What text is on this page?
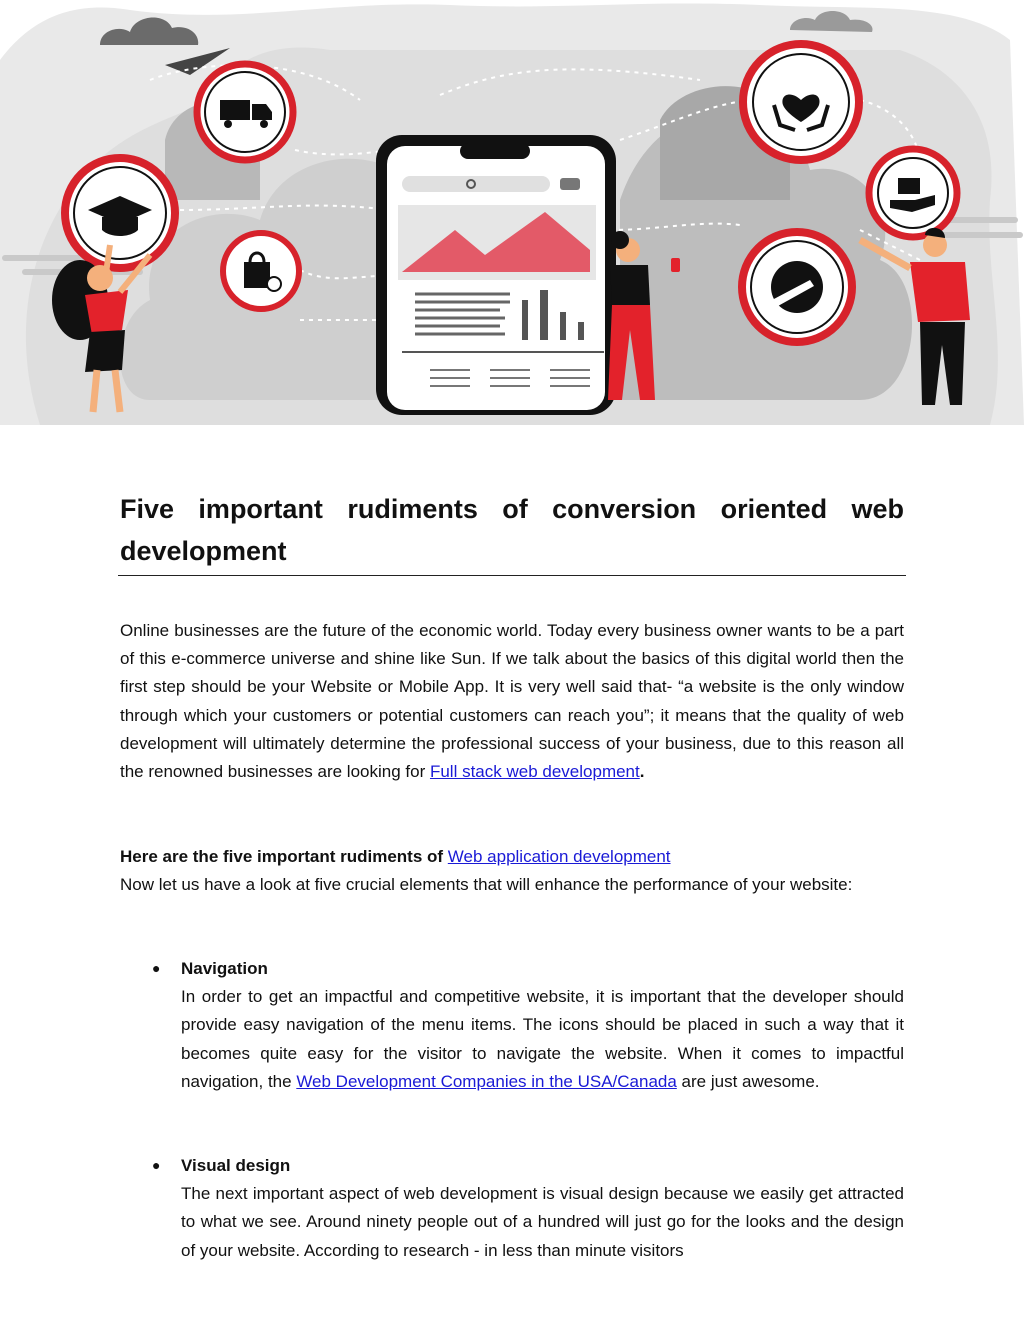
Five important rudiments of conversion oriented web development

Online businesses are the future of the economic world. Today every business owner wants to be a part of this e-commerce universe and shine like Sun. If we talk about the basics of this digital world then the first step should be your Website or Mobile App. It is very well said that- “a website is the only window through which your customers or potential customers can reach you”; it means that the quality of web development will ultimately determine the professional success of your business, due to this reason all the renowned businesses are looking for Full stack web development.

Here are the five important rudiments of Web application development
Now let us have a look at five crucial elements that will enhance the performance of your website:

● Navigation
In order to get an impactful and competitive website, it is important that the developer should provide easy navigation of the menu items. The icons should be placed in such a way that it becomes quite easy for the visitor to navigate the website. When it comes to impactful navigation, the Web Development Companies in the USA/Canada are just awesome.

● Visual design
The next important aspect of web development is visual design because we easily get attracted to what we see. Around ninety people out of a hundred will just go for the looks and the design of your website. According to research - in less than minute visitors
